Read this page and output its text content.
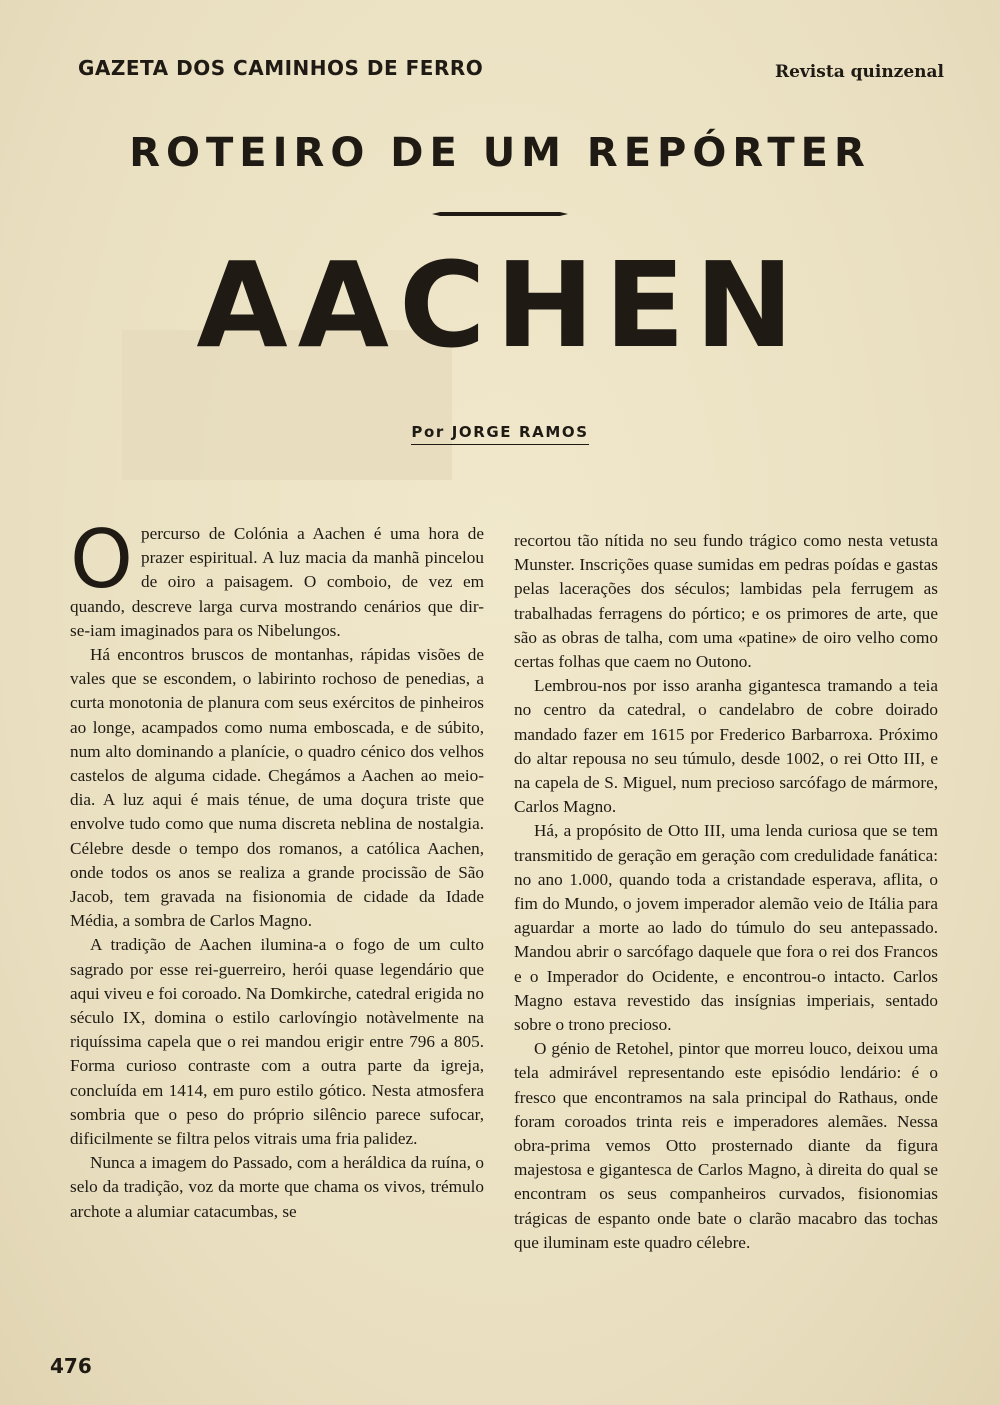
GAZETA DOS CAMINHOS DE FERRO	Revista quinzenal
ROTEIRO DE UM REPÓRTER
AACHEN
Por JORGE RAMOS

Opercurso de Colónia a Aachen é uma hora de prazer espiritual. A luz macia da manhã pincelou de oiro a paisagem. O comboio, de vez em quando, descreve larga curva mostrando cenários que dir-se-iam imaginados para os Nibelungos.

Há encontros bruscos de montanhas, rápidas visões de vales que se escondem, o labirinto rochoso de penedias, a curta monotonia de planura com seus exércitos de pinheiros ao longe, acampados como numa emboscada, e de súbito, num alto dominando a planície, o quadro cénico dos velhos castelos de alguma cidade. Chegámos a Aachen ao meio-dia. A luz aqui é mais ténue, de uma doçura triste que envolve tudo como que numa discreta neblina de nostalgia. Célebre desde o tempo dos romanos, a católica Aachen, onde todos os anos se realiza a grande procissão de São Jacob, tem gravada na fisionomia de cidade da Idade Média, a sombra de Carlos Magno.

A tradição de Aachen ilumina-a o fogo de um culto sagrado por esse rei-guerreiro, herói quase legendário que aqui viveu e foi coroado. Na Domkirche, catedral erigida no século IX, domina o estilo carlovíngio notàvelmente na riquíssima capela que o rei mandou erigir entre 796 a 805. Forma curioso contraste com a outra parte da igreja, concluída em 1414, em puro estilo gótico. Nesta atmosfera sombria que o peso do próprio silêncio parece sufocar, dificilmente se filtra pelos vitrais uma fria palidez.

Nunca a imagem do Passado, com a heráldica da ruína, o selo da tradição, voz da morte que chama os vivos, trémulo archote a alumiar catacumbas, se

recortou tão nítida no seu fundo trágico como nesta vetusta Munster. Inscrições quase sumidas em pedras poídas e gastas pelas lacerações dos séculos; lambidas pela ferrugem as trabalhadas ferragens do pórtico; e os primores de arte, que são as obras de talha, com uma «patine» de oiro velho como certas folhas que caem no Outono.

Lembrou-nos por isso aranha gigantesca tramando a teia no centro da catedral, o candelabro de cobre doirado mandado fazer em 1615 por Frederico Barbarroxa. Próximo do altar repousa no seu túmulo, desde 1002, o rei Otto III, e na capela de S. Miguel, num precioso sarcófago de mármore, Carlos Magno.

Há, a propósito de Otto III, uma lenda curiosa que se tem transmitido de geração em geração com credulidade fanática: no ano 1.000, quando toda a cristandade esperava, aflita, o fim do Mundo, o jovem imperador alemão veio de Itália para aguardar a morte ao lado do túmulo do seu antepassado. Mandou abrir o sarcófago daquele que fora o rei dos Francos e o Imperador do Ocidente, e encontrou-o intacto. Carlos Magno estava revestido das insígnias imperiais, sentado sobre o trono precioso.

O génio de Retohel, pintor que morreu louco, deixou uma tela admirável representando este episódio lendário: é o fresco que encontramos na sala principal do Rathaus, onde foram coroados trinta reis e imperadores alemães. Nessa obra-prima vemos Otto prosternado diante da figura majestosa e gigantesca de Carlos Magno, à direita do qual se encontram os seus companheiros curvados, fisionomias trágicas de espanto onde bate o clarão macabro das tochas que iluminam este quadro célebre.

476
